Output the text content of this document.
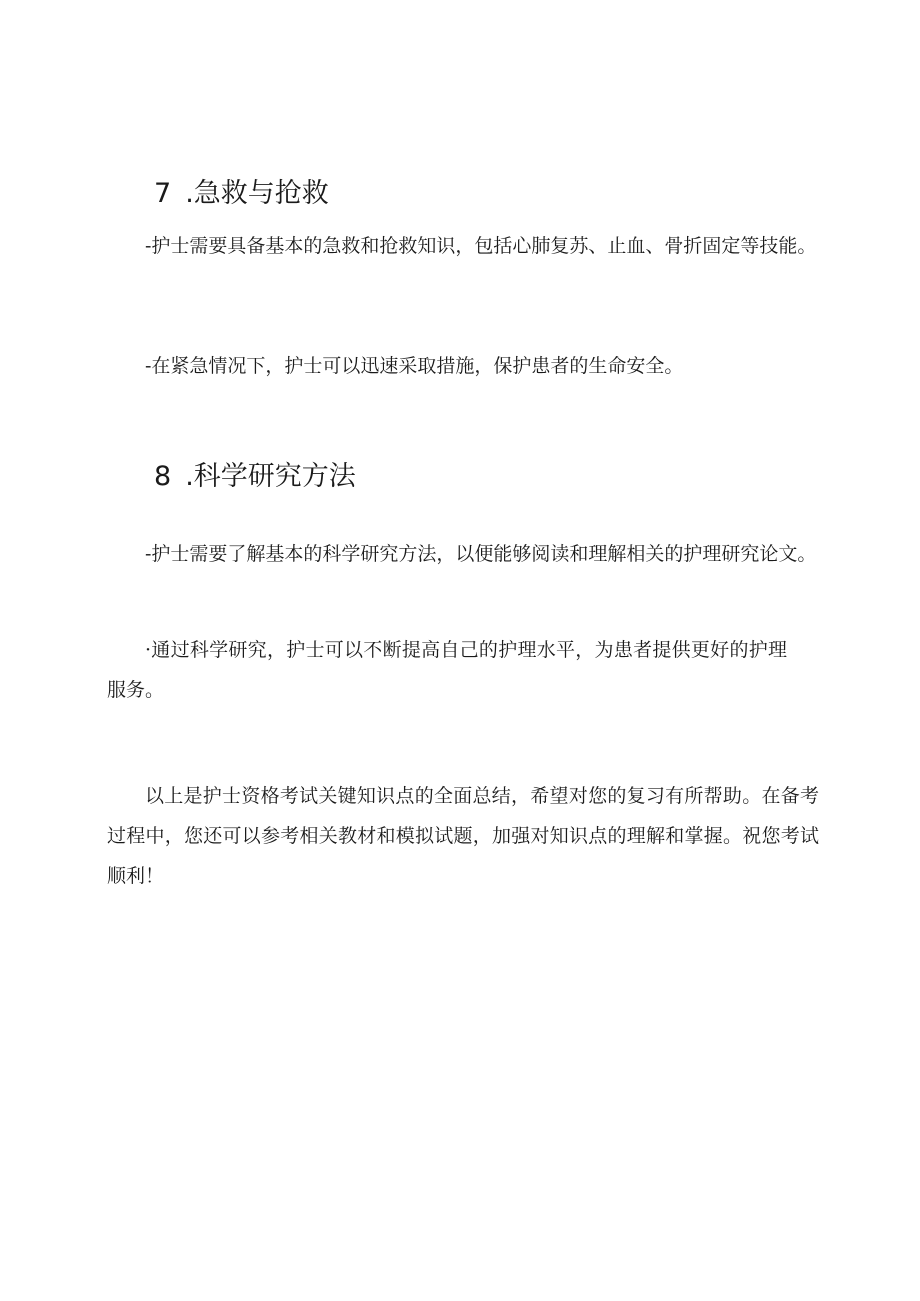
7 .急救与抢救

-护士需要具备基本的急救和抢救知识，包括心肺复苏、止血、骨折固定等技能。

-在紧急情况下，护士可以迅速采取措施，保护患者的生命安全。

8 .科学研究方法

-护士需要了解基本的科学研究方法，以便能够阅读和理解相关的护理研究论文。

·通过科学研究，护士可以不断提高自己的护理水平，为患者提供更好的护理服务。

以上是护士资格考试关键知识点的全面总结，希望对您的复习有所帮助。在备考过程中，您还可以参考相关教材和模拟试题，加强对知识点的理解和掌握。祝您考试顺利！
